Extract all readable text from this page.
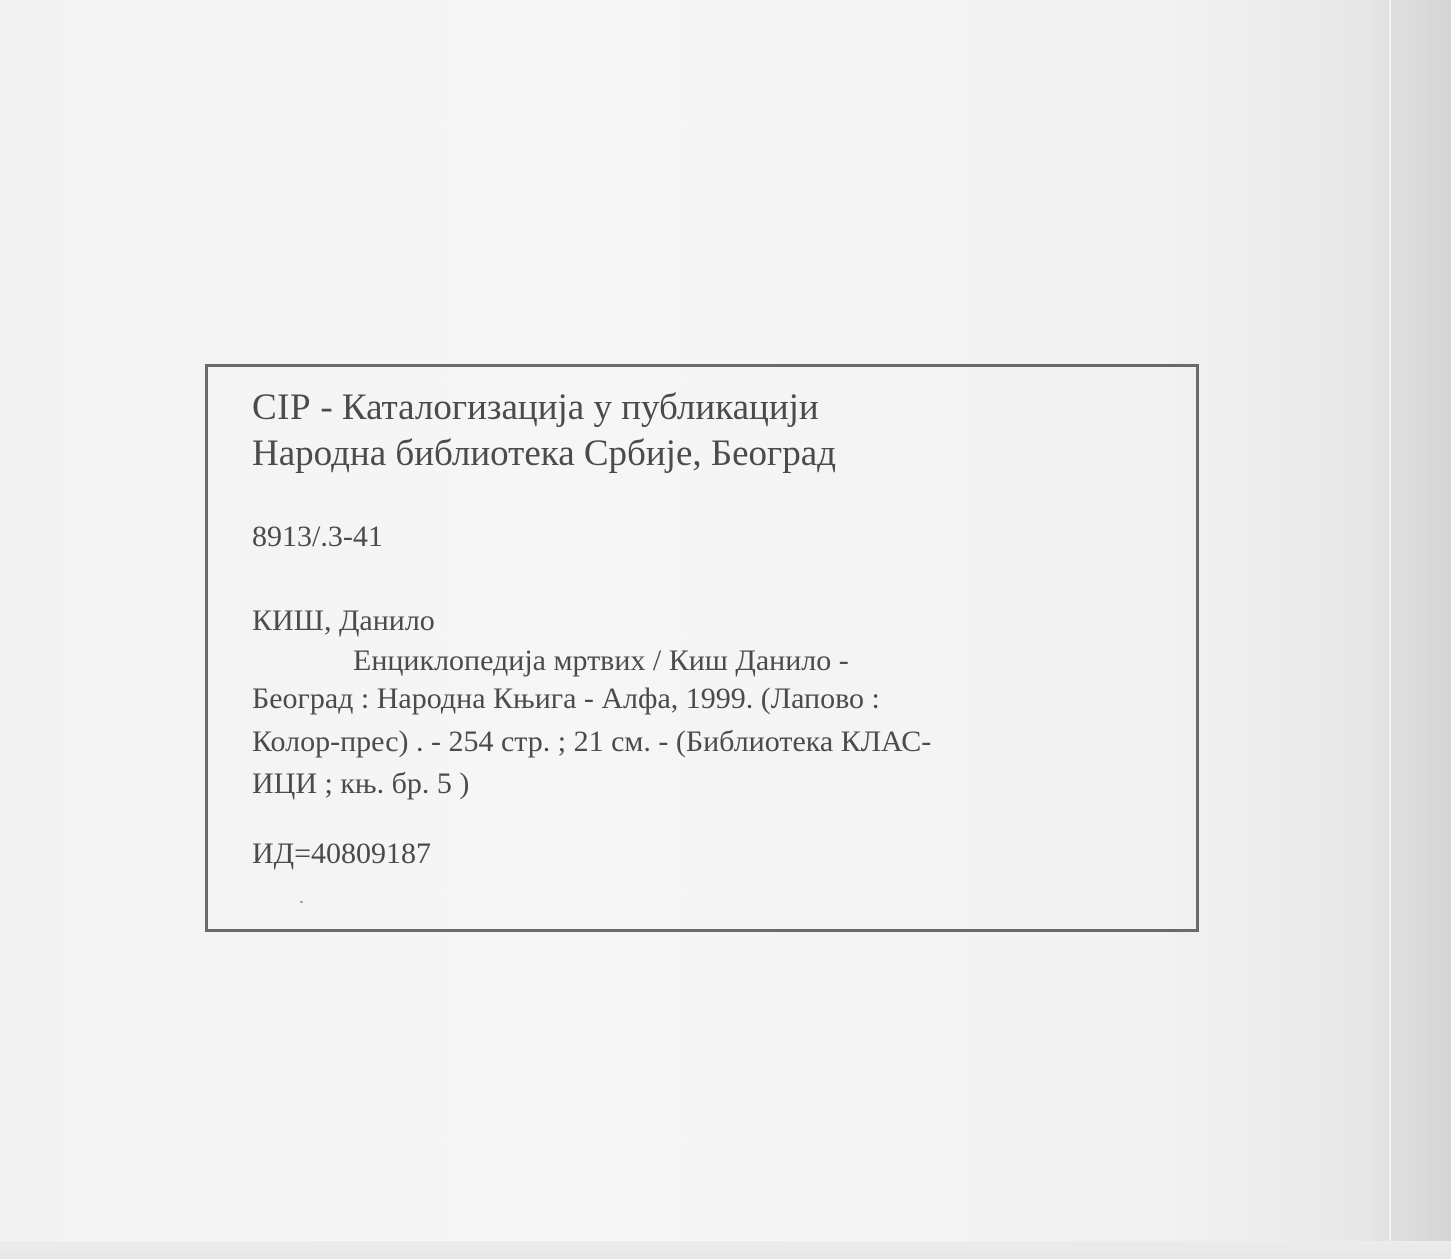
CIP - Каталогизација у публикацији
Народна библиотека Србије, Београд
8913/.3-41
КИШ, Данило
Енциклопедија мртвих / Киш Данило -
Београд : Народна Књига - Алфа, 1999. (Лапово :
Колор-прес) . - 254 стр. ; 21 см. - (Библиотека КЛАС-
ИЦИ ; књ. бр. 5 )
ИД=40809187
